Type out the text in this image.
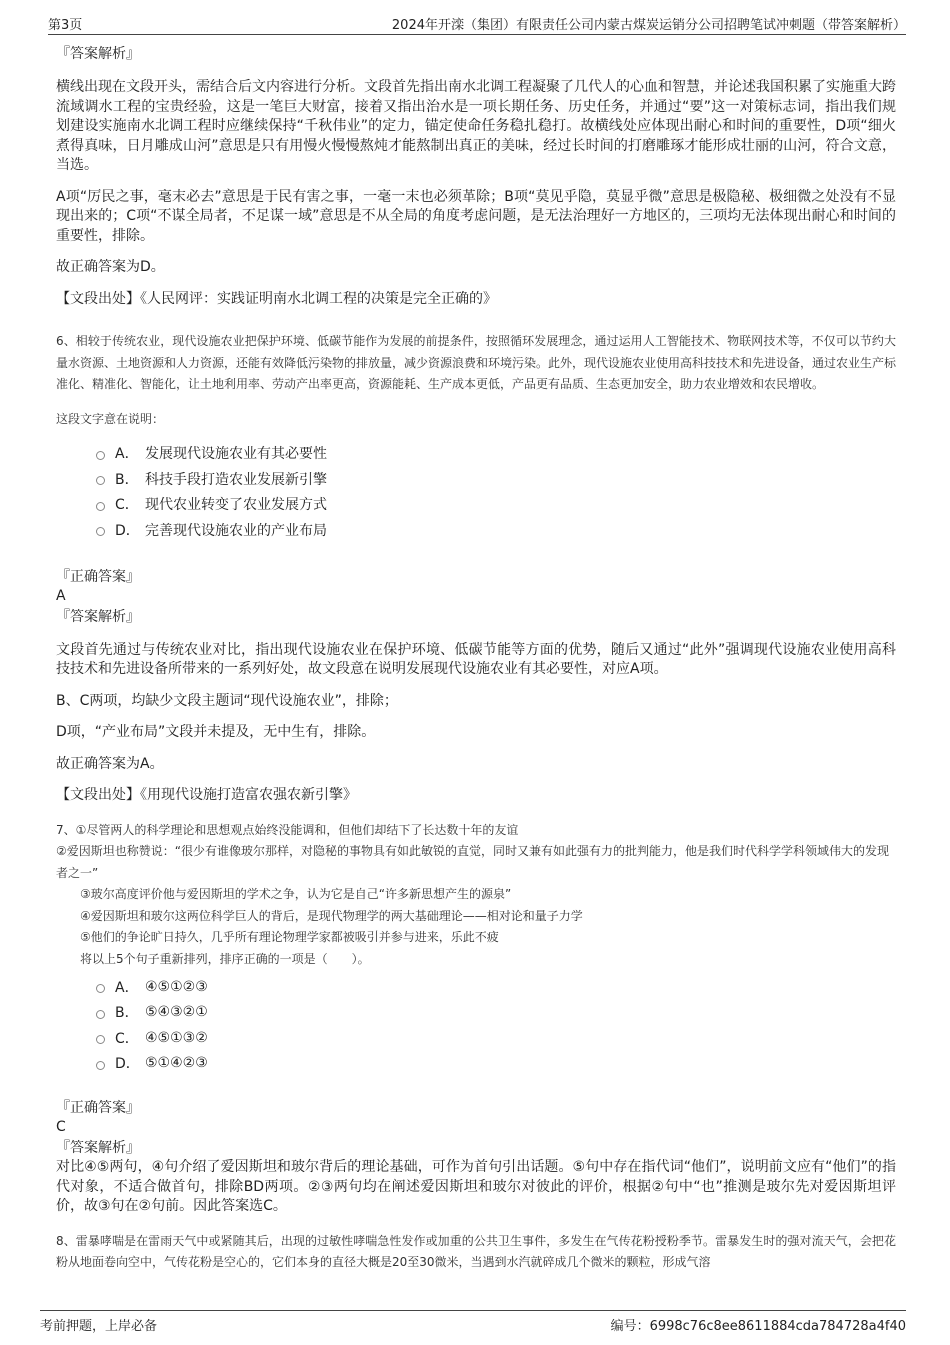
第3页	2024年开滦（集团）有限责任公司内蒙古煤炭运销分公司招聘笔试冲刺题（带答案解析）

『答案解析』

横线出现在文段开头，需结合后文内容进行分析。文段首先指出南水北调工程凝聚了几代人的心血和智慧，并论述我国积累了实施重大跨流域调水工程的宝贵经验，这是一笔巨大财富，接着又指出治水是一项长期任务、历史任务，并通过“要”这一对策标志词，指出我们规划建设实施南水北调工程时应继续保持“千秋伟业”的定力，锚定使命任务稳扎稳打。故横线处应体现出耐心和时间的重要性，D项“细火煮得真味，日月雕成山河”意思是只有用慢火慢慢熬炖才能熬制出真正的美味，经过长时间的打磨雕琢才能形成壮丽的山河，符合文意，当选。

A项“厉民之事，毫末必去”意思是于民有害之事，一毫一末也必须革除；B项“莫见乎隐，莫显乎微”意思是极隐秘、极细微之处没有不显现出来的；C项“不谋全局者，不足谋一域”意思是不从全局的角度考虑问题，是无法治理好一方地区的，三项均无法体现出耐心和时间的重要性，排除。

故正确答案为D。

【文段出处】《人民网评：实践证明南水北调工程的决策是完全正确的》

6、相较于传统农业，现代设施农业把保护环境、低碳节能作为发展的前提条件，按照循环发展理念，通过运用人工智能技术、物联网技术等，不仅可以节约大量水资源、土地资源和人力资源，还能有效降低污染物的排放量，减少资源浪费和环境污染。此外，现代设施农业使用高科技技术和先进设备，通过农业生产标准化、精准化、智能化，让土地利用率、劳动产出率更高，资源能耗、生产成本更低，产品更有品质、生态更加安全，助力农业增效和农民增收。

这段文字意在说明：

A． 发展现代设施农业有其必要性
B． 科技手段打造农业发展新引擎
C． 现代农业转变了农业发展方式
D． 完善现代设施农业的产业布局

『正确答案』

A

『答案解析』

文段首先通过与传统农业对比，指出现代设施农业在保护环境、低碳节能等方面的优势，随后又通过“此外”强调现代设施农业使用高科技技术和先进设备所带来的一系列好处，故文段意在说明发展现代设施农业有其必要性，对应A项。

B、C两项，均缺少文段主题词“现代设施农业”，排除；

D项，“产业布局”文段并未提及，无中生有，排除。

故正确答案为A。

【文段出处】《用现代设施打造富农强农新引擎》

7、①尽管两人的科学理论和思想观点始终没能调和，但他们却结下了长达数十年的友谊

②爱因斯坦也称赞说：“很少有谁像玻尔那样，对隐秘的事物具有如此敏锐的直觉，同时又兼有如此强有力的批判能力，他是我们时代科学学科领域伟大的发现者之一”

③玻尔高度评价他与爱因斯坦的学术之争，认为它是自己“许多新思想产生的源泉”

④爱因斯坦和玻尔这两位科学巨人的背后，是现代物理学的两大基础理论——相对论和量子力学

⑤他们的争论旷日持久，几乎所有理论物理学家都被吸引并参与进来，乐此不疲

将以上5个句子重新排列，排序正确的一项是（　　）。

A． ④⑤①②③
B． ⑤④③②①
C． ④⑤①③②
D． ⑤①④②③

『正确答案』

C

『答案解析』

对比④⑤两句，④句介绍了爱因斯坦和玻尔背后的理论基础，可作为首句引出话题。⑤句中存在指代词“他们”，说明前文应有“他们”的指代对象，不适合做首句，排除BD两项。②③两句均在阐述爱因斯坦和玻尔对彼此的评价，根据②句中“也”推测是玻尔先对爱因斯坦评价，故③句在②句前。因此答案选C。

8、雷暴哮喘是在雷雨天气中或紧随其后，出现的过敏性哮喘急性发作或加重的公共卫生事件，多发生在气传花粉授粉季节。雷暴发生时的强对流天气，会把花粉从地面卷向空中，气传花粉是空心的，它们本身的直径大概是20至30微米，当遇到水汽就碎成几个微米的颗粒，形成气溶

考前押题，上岸必备	编号：6998c76c8ee8611884cda784728a4f40
